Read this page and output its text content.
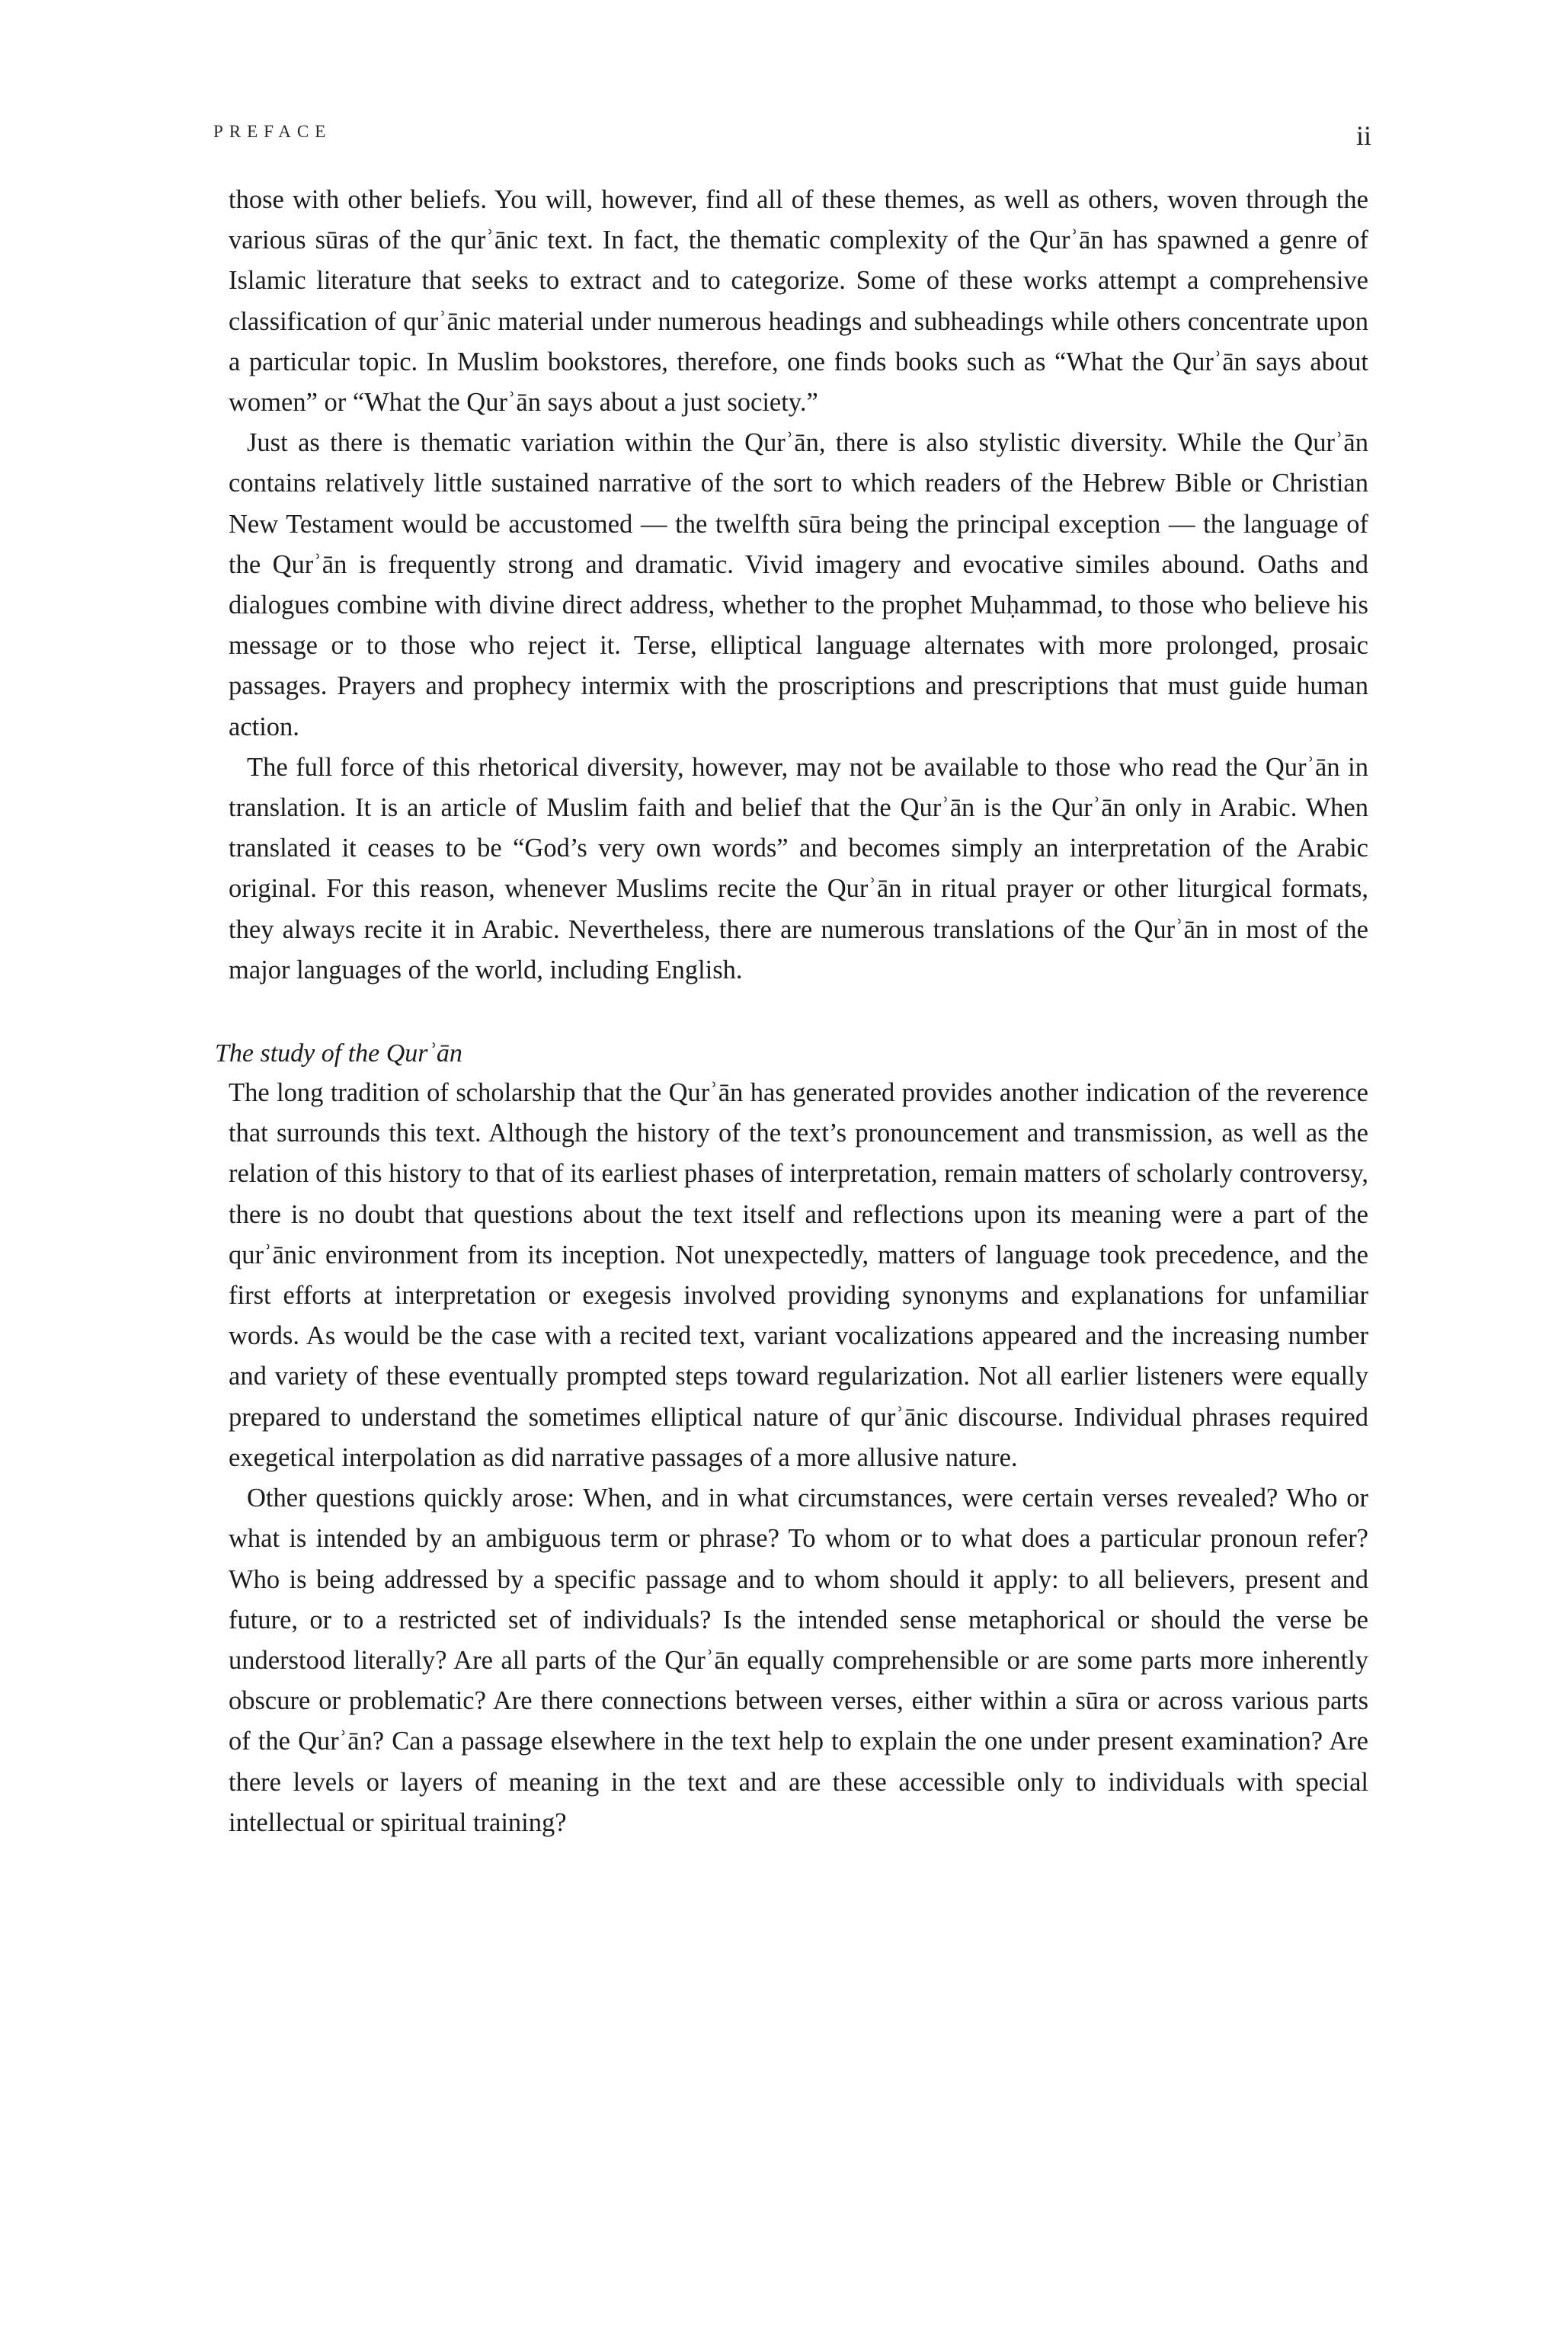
PREFACE	ii

those with other beliefs. You will, however, find all of these themes, as well as others, woven through the various sūras of the qurʾānic text. In fact, the thematic complexity of the Qurʾān has spawned a genre of Islamic literature that seeks to extract and to categorize. Some of these works attempt a comprehensive classification of qurʾānic material under numerous headings and subheadings while others concentrate upon a particular topic. In Muslim bookstores, therefore, one finds books such as “What the Qurʾān says about women” or “What the Qurʾān says about a just society.”

Just as there is thematic variation within the Qurʾān, there is also stylistic diversity. While the Qurʾān contains relatively little sustained narrative of the sort to which readers of the Hebrew Bible or Christian New Testament would be accustomed — the twelfth sūra being the principal exception — the language of the Qurʾān is frequently strong and dramatic. Vivid imagery and evocative similes abound. Oaths and dialogues combine with divine direct address, whether to the prophet Muḥammad, to those who believe his message or to those who reject it. Terse, elliptical language alternates with more prolonged, prosaic passages. Prayers and prophecy intermix with the proscriptions and prescriptions that must guide human action.

The full force of this rhetorical diversity, however, may not be available to those who read the Qurʾān in translation. It is an article of Muslim faith and belief that the Qurʾān is the Qurʾān only in Arabic. When translated it ceases to be “God’s very own words” and becomes simply an interpretation of the Arabic original. For this reason, whenever Muslims recite the Qurʾān in ritual prayer or other liturgical formats, they always recite it in Arabic. Nevertheless, there are numerous translations of the Qurʾān in most of the major languages of the world, including English.

The study of the Qurʾān

The long tradition of scholarship that the Qurʾān has generated provides another indication of the reverence that surrounds this text. Although the history of the text’s pronouncement and transmission, as well as the relation of this history to that of its earliest phases of interpretation, remain matters of scholarly controversy, there is no doubt that questions about the text itself and reflections upon its meaning were a part of the qurʾānic environment from its inception. Not unexpectedly, matters of language took precedence, and the first efforts at interpretation or exegesis involved providing synonyms and explanations for unfamiliar words. As would be the case with a recited text, variant vocalizations appeared and the increasing number and variety of these eventually prompted steps toward regularization. Not all earlier listeners were equally prepared to understand the sometimes elliptical nature of qurʾānic discourse. Individual phrases required exegetical interpolation as did narrative passages of a more allusive nature.

Other questions quickly arose: When, and in what circumstances, were certain verses revealed? Who or what is intended by an ambiguous term or phrase? To whom or to what does a particular pronoun refer? Who is being addressed by a specific passage and to whom should it apply: to all believers, present and future, or to a restricted set of individuals? Is the intended sense metaphorical or should the verse be understood literally? Are all parts of the Qurʾān equally comprehensible or are some parts more inherently obscure or problematic? Are there connections between verses, either within a sūra or across various parts of the Qurʾān? Can a passage elsewhere in the text help to explain the one under present examination? Are there levels or layers of meaning in the text and are these accessible only to individuals with special intellectual or spiritual training?
